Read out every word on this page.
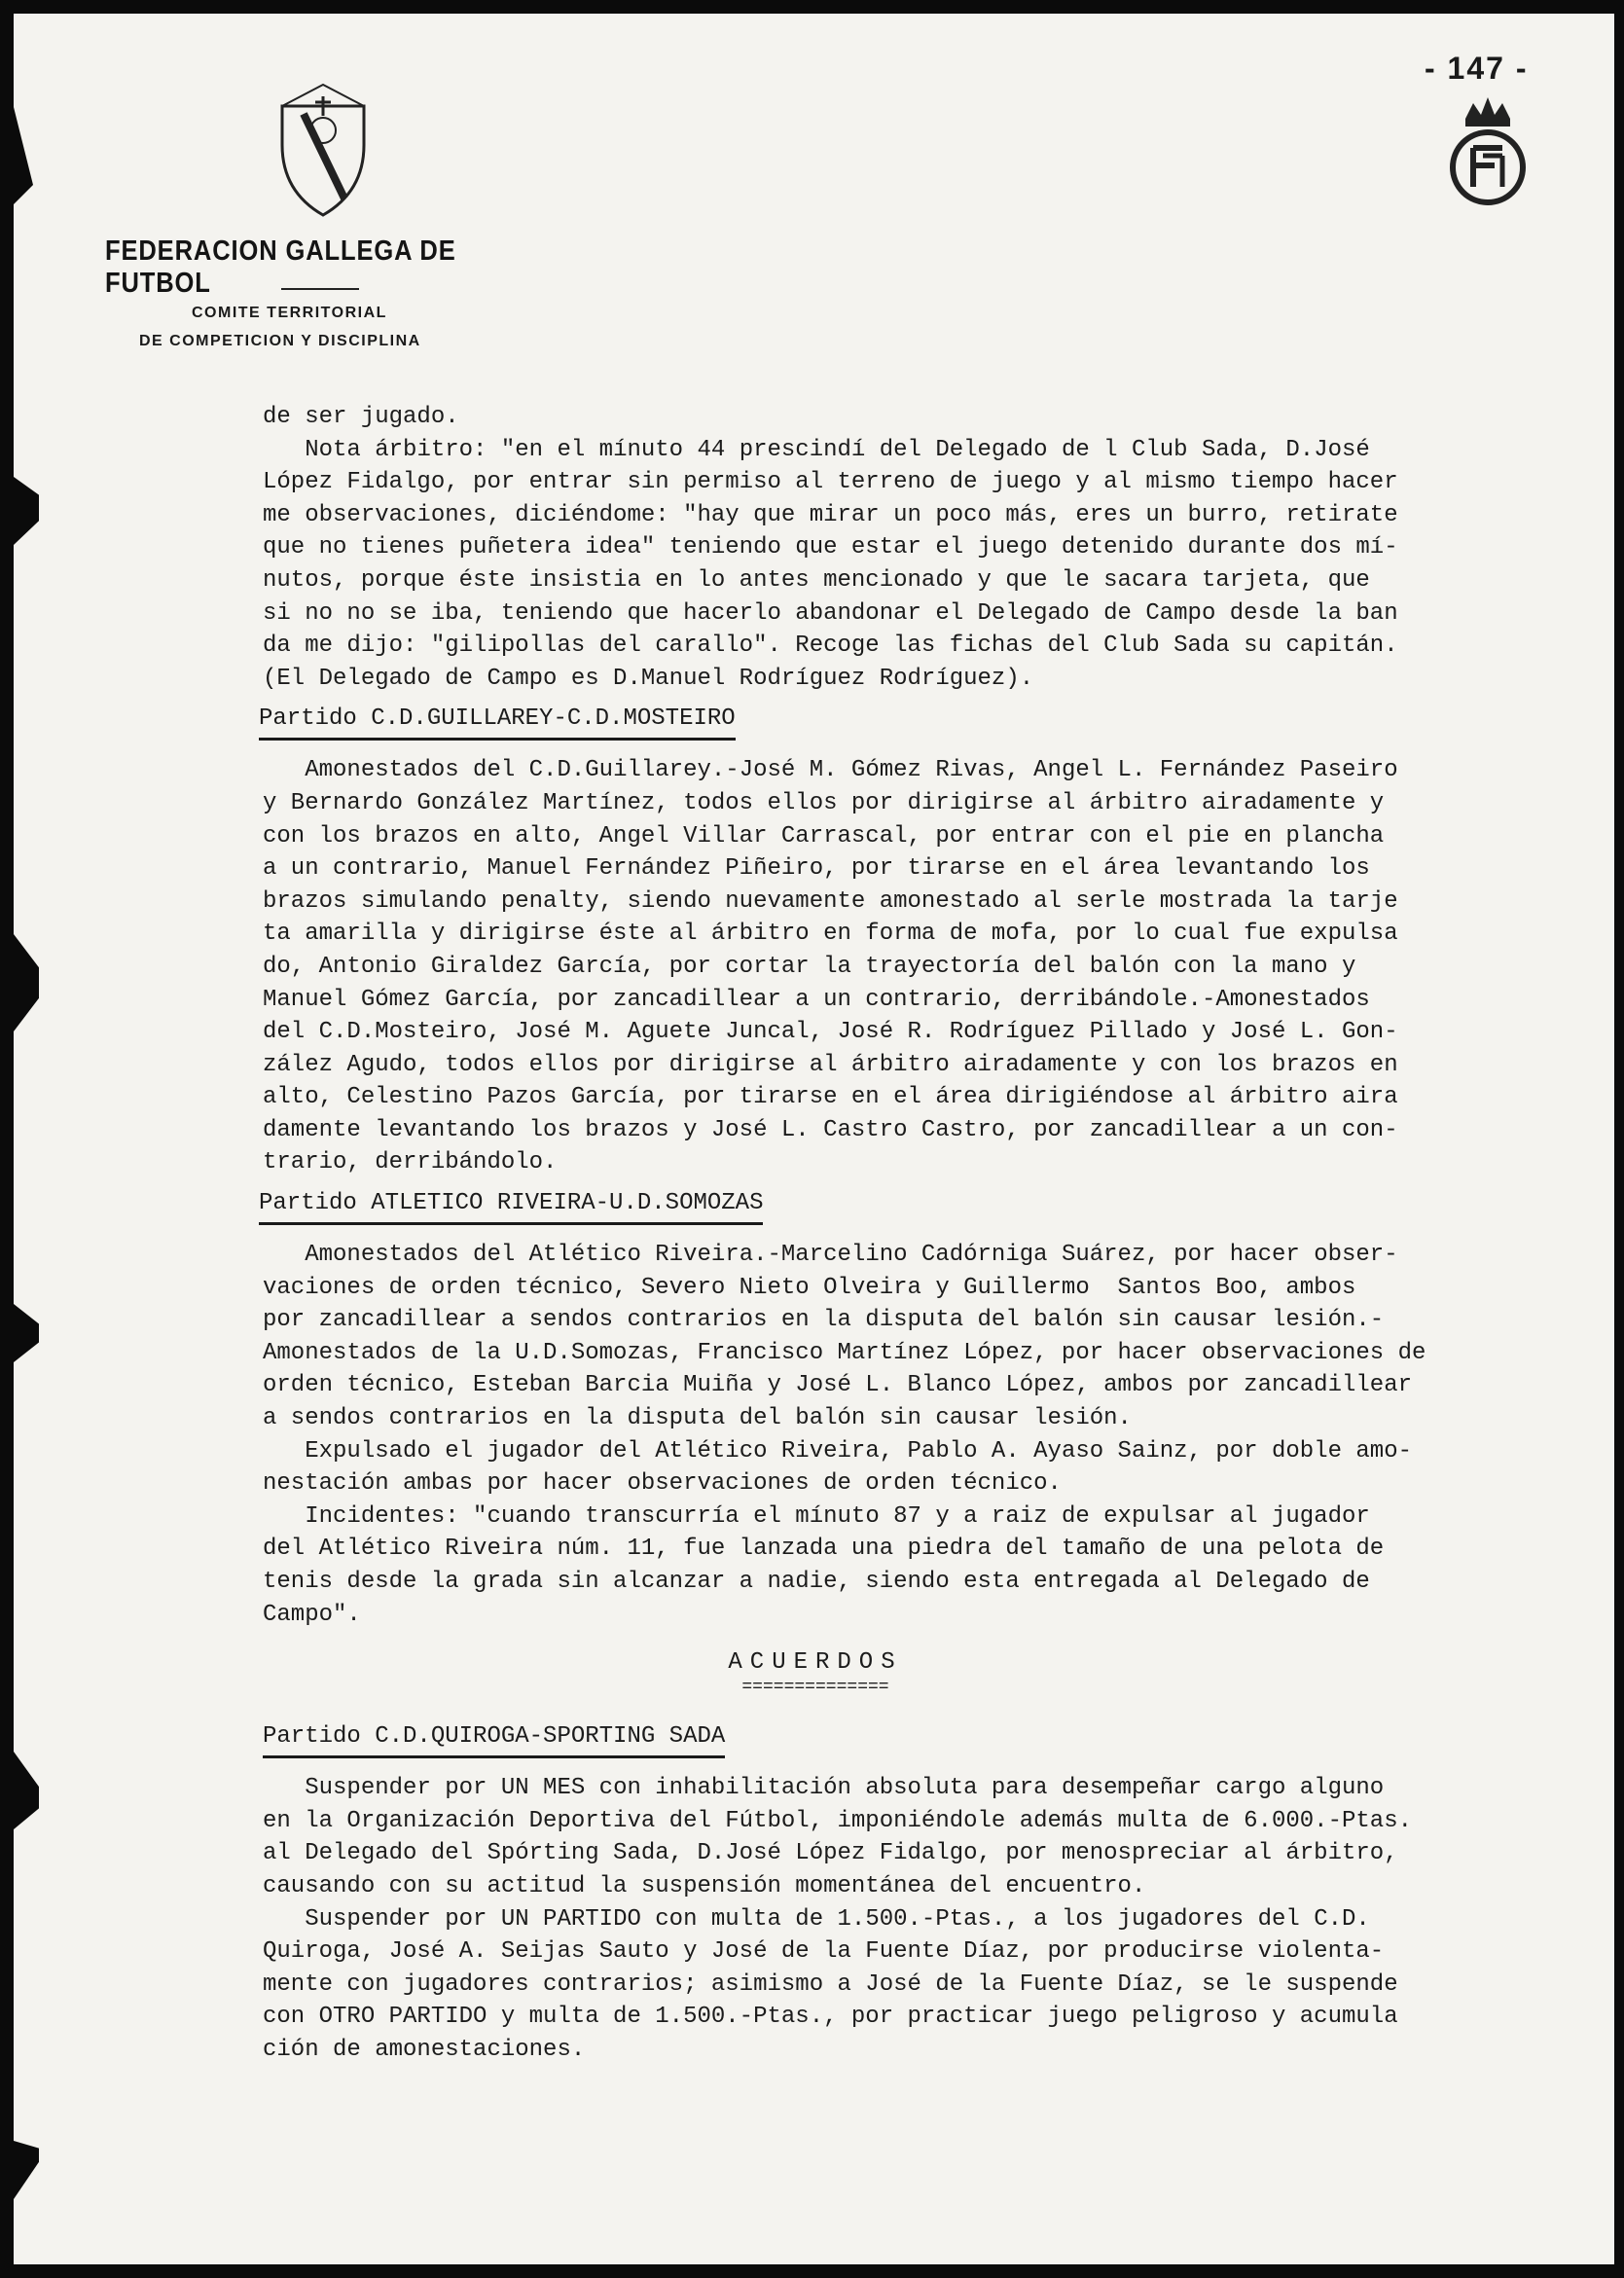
- 147 -
FEDERACION GALLEGA DE FUTBOL
COMITE TERRITORIAL
DE COMPETICION Y DISCIPLINA

de ser jugado.

Nota árbitro: "en el mínuto 44 prescindí del Delegado de l Club Sada, D.José

López Fidalgo, por entrar sin permiso al terreno de juego y al mismo tiempo hacer

me observaciones, diciéndome: "hay que mirar un poco más, eres un burro, retirate

que no tienes puñetera idea" teniendo que estar el juego detenido durante dos mí-

nutos, porque éste insistia en lo antes mencionado y que le sacara tarjeta, que

si no no se iba, teniendo que hacerlo abandonar el Delegado de Campo desde la ban

da me dijo: "gilipollas del carallo". Recoge las fichas del Club Sada su capitán.

(El Delegado de Campo es D.Manuel Rodríguez Rodríguez).

Partido C.D.GUILLAREY-C.D.MOSTEIRO

Amonestados del C.D.Guillarey.-José M. Gómez Rivas, Angel L. Fernández Paseiro

y Bernardo González Martínez, todos ellos por dirigirse al árbitro airadamente y

con los brazos en alto, Angel Villar Carrascal, por entrar con el pie en plancha

a un contrario, Manuel Fernández Piñeiro, por tirarse en el área levantando los

brazos simulando penalty, siendo nuevamente amonestado al serle mostrada la tarje

ta amarilla y dirigirse éste al árbitro en forma de mofa, por lo cual fue expulsa

do, Antonio Giraldez García, por cortar la trayectoría del balón con la mano y

Manuel Gómez García, por zancadillear a un contrario, derribándole.-Amonestados

del C.D.Mosteiro, José M. Aguete Juncal, José R. Rodríguez Pillado y José L. Gon-

zález Agudo, todos ellos por dirigirse al árbitro airadamente y con los brazos en

alto, Celestino Pazos García, por tirarse en el área dirigiéndose al árbitro aira

damente levantando los brazos y José L. Castro Castro, por zancadillear a un con-

trario, derribándolo.

Partido ATLETICO RIVEIRA-U.D.SOMOZAS

Amonestados del Atlético Riveira.-Marcelino Cadórniga Suárez, por hacer obser-

vaciones de orden técnico, Severo Nieto Olveira y Guillermo  Santos Boo, ambos

por zancadillear a sendos contrarios en la disputa del balón sin causar lesión.-

Amonestados de la U.D.Somozas, Francisco Martínez López, por hacer observaciones de

orden técnico, Esteban Barcia Muiña y José L. Blanco López, ambos por zancadillear

a sendos contrarios en la disputa del balón sin causar lesión.

Expulsado el jugador del Atlético Riveira, Pablo A. Ayaso Sainz, por doble amo-

nestación ambas por hacer observaciones de orden técnico.

Incidentes: "cuando transcurría el mínuto 87 y a raiz de expulsar al jugador

del Atlético Riveira núm. 11, fue lanzada una piedra del tamaño de una pelota de

tenis desde la grada sin alcanzar a nadie, siendo esta entregada al Delegado de

Campo".

ACUERDOS
==============
Partido C.D.QUIROGA-SPORTING SADA

Suspender por UN MES con inhabilitación absoluta para desempeñar cargo alguno

en la Organización Deportiva del Fútbol, imponiéndole además multa de 6.000.-Ptas.

al Delegado del Spórting Sada, D.José López Fidalgo, por menospreciar al árbitro,

causando con su actitud la suspensión momentánea del encuentro.

Suspender por UN PARTIDO con multa de 1.500.-Ptas., a los jugadores del C.D.

Quiroga, José A. Seijas Sauto y José de la Fuente Díaz, por producirse violenta-

mente con jugadores contrarios; asimismo a José de la Fuente Díaz, se le suspende

con OTRO PARTIDO y multa de 1.500.-Ptas., por practicar juego peligroso y acumula

ción de amonestaciones.
